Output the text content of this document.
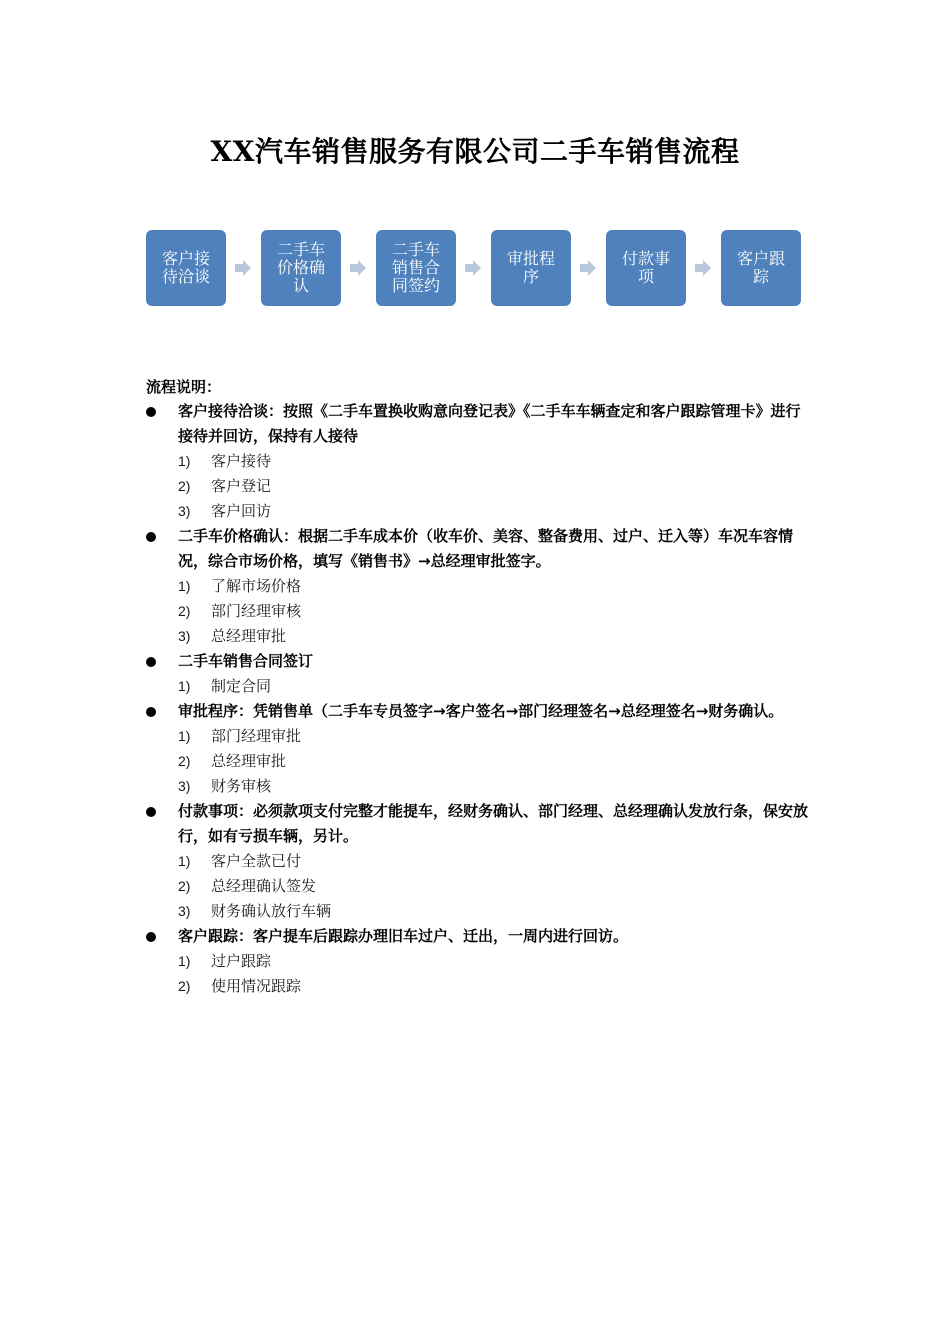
XX汽车销售服务有限公司二手车销售流程
客户接待洽谈
二手车价格确认
二手车销售合同签约
审批程序
付款事项
客户跟踪
流程说明：
客户接待洽谈：按照《二手车置换收购意向登记表》《二手车车辆查定和客户跟踪管理卡》进行接待并回访，保持有人接待
1)	客户接待
2)	客户登记
3)	客户回访
二手车价格确认：根据二手车成本价（收车价、美容、整备费用、过户、迁入等）车况车容情况，综合市场价格，填写《销售书》→总经理审批签字。
1)	了解市场价格
2)	部门经理审核
3)	总经理审批
二手车销售合同签订
1)	制定合同
审批程序：凭销售单（二手车专员签字→客户签名→部门经理签名→总经理签名→财务确认。
1)	部门经理审批
2)	总经理审批
3)	财务审核
付款事项：必须款项支付完整才能提车，经财务确认、部门经理、总经理确认发放行条，保安放行，如有亏损车辆，另计。
1)	客户全款已付
2)	总经理确认签发
3)	财务确认放行车辆
客户跟踪：客户提车后跟踪办理旧车过户、迁出，一周内进行回访。
1)	过户跟踪
2)	使用情况跟踪
